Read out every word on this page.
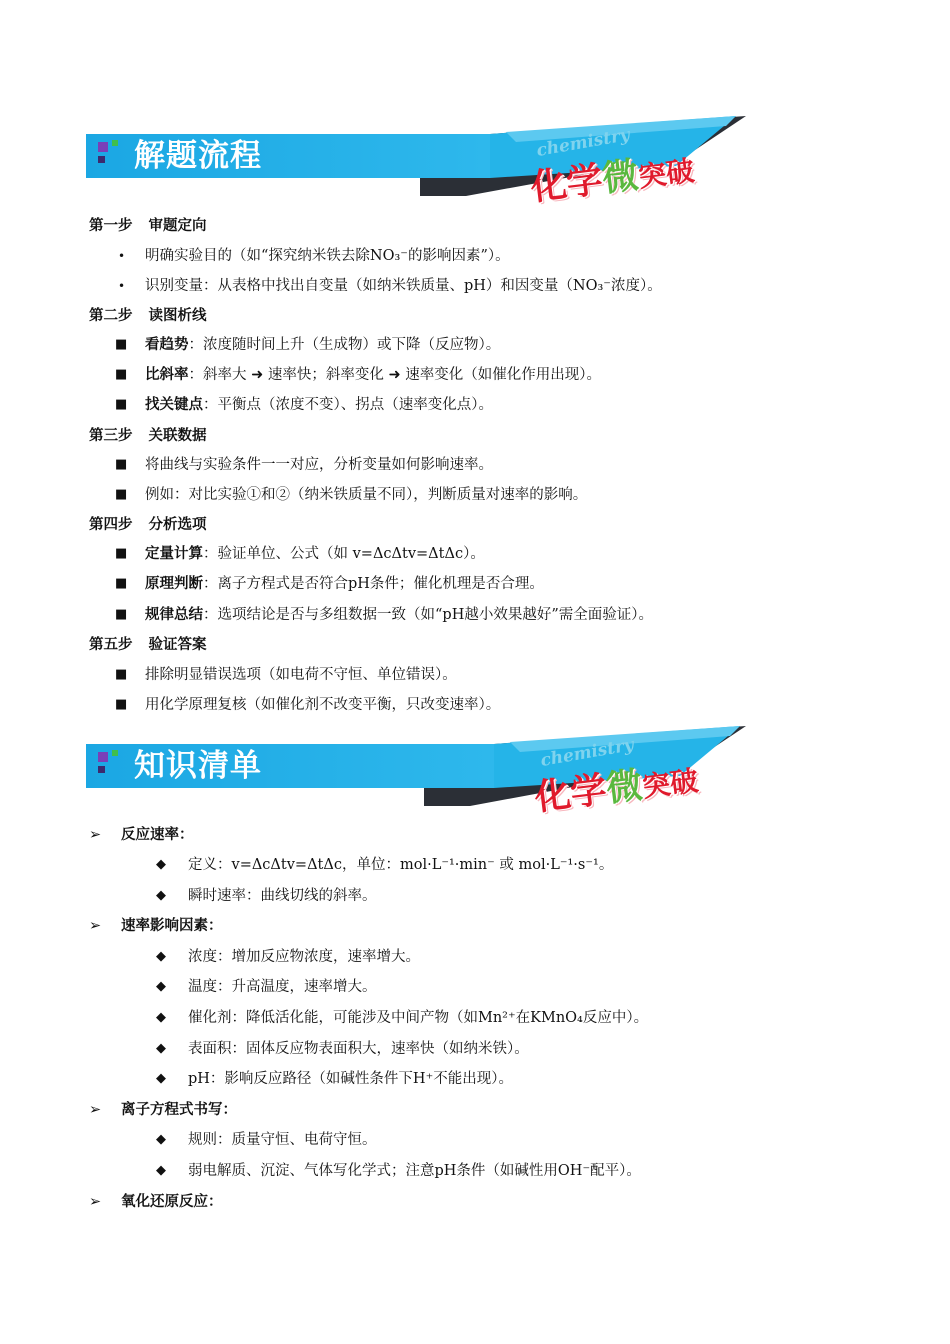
解题流程	chemistry
化学微突破
第一步 审题定向
• 明确实验目的（如“探究纳米铁去除NO₃⁻的影响因素”）。
• 识别变量：从表格中找出自变量（如纳米铁质量、pH）和因变量（NO₃⁻浓度）。
第二步 读图析线
■ 看趋势：浓度随时间上升（生成物）或下降（反应物）。
■ 比斜率：斜率大 ➜ 速率快；斜率变化 ➜ 速率变化（如催化作用出现）。
■ 找关键点：平衡点（浓度不变）、拐点（速率变化点）。
第三步 关联数据
■ 将曲线与实验条件一一对应，分析变量如何影响速率。
■ 例如：对比实验①和②（纳米铁质量不同），判断质量对速率的影响。
第四步 分析选项
■ 定量计算：验证单位、公式（如 v=ΔcΔtv=ΔtΔc）。
■ 原理判断：离子方程式是否符合pH条件；催化机理是否合理。
■ 规律总结：选项结论是否与多组数据一致（如“pH越小效果越好”需全面验证）。
第五步 验证答案
■ 排除明显错误选项（如电荷不守恒、单位错误）。
■ 用化学原理复核（如催化剂不改变平衡，只改变速率）。
知识清单	chemistry
化学微突破
➢ 反应速率：
◆ 定义：v=ΔcΔtv=ΔtΔc，单位：mol·L⁻¹·min⁻ 或 mol·L⁻¹·s⁻¹。
◆ 瞬时速率：曲线切线的斜率。
➢ 速率影响因素：
◆ 浓度：增加反应物浓度，速率增大。
◆ 温度：升高温度，速率增大。
◆ 催化剂：降低活化能，可能涉及中间产物（如Mn²⁺在KMnO₄反应中）。
◆ 表面积：固体反应物表面积大，速率快（如纳米铁）。
◆ pH：影响反应路径（如碱性条件下H⁺不能出现）。
➢ 离子方程式书写：
◆ 规则：质量守恒、电荷守恒。
◆ 弱电解质、沉淀、气体写化学式；注意pH条件（如碱性用OH⁻配平）。
➢ 氧化还原反应：
